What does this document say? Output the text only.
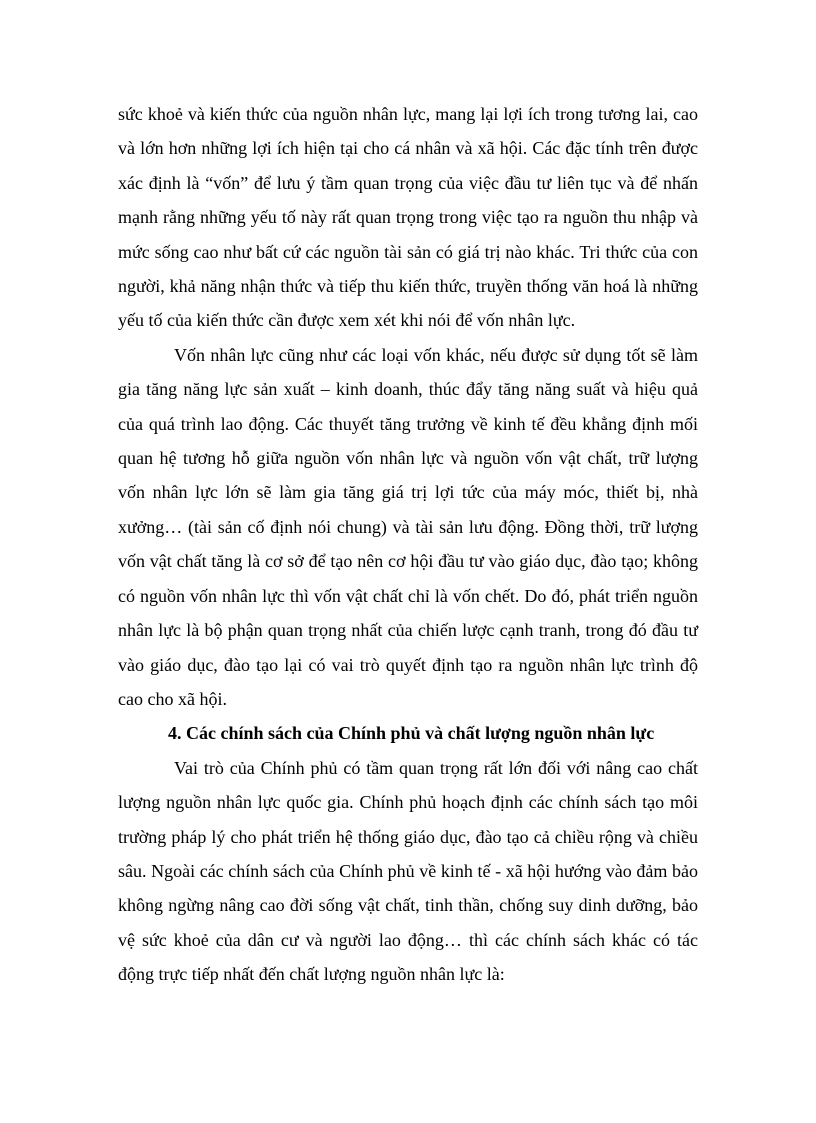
sức khoẻ và kiến thức của nguồn nhân lực, mang lại lợi ích trong tương lai, cao và lớn hơn những lợi ích hiện tại cho cá nhân và xã hội. Các đặc tính trên được xác định là “vốn” để lưu ý tầm quan trọng của việc đầu tư liên tục và để nhấn mạnh rằng những yếu tố này rất quan trọng trong việc tạo ra nguồn thu nhập và mức sống cao như bất cứ các nguồn tài sản có giá trị nào khác. Tri thức của con người, khả năng nhận thức và tiếp thu kiến thức, truyền thống văn hoá là những yếu tố của kiến thức cần được xem xét khi nói để vốn nhân lực.

Vốn nhân lực cũng như các loại vốn khác, nếu được sử dụng tốt sẽ làm gia tăng năng lực sản xuất – kinh doanh, thúc đẩy tăng năng suất và hiệu quả của quá trình lao động. Các thuyết tăng trưởng về kinh tế đều khẳng định mối quan hệ tương hỗ giữa nguồn vốn nhân lực và nguồn vốn vật chất, trữ lượng vốn nhân lực lớn sẽ làm gia tăng giá trị lợi tức của máy móc, thiết bị, nhà xưởng… (tài sản cố định nói chung) và tài sản lưu động. Đồng thời, trữ lượng vốn vật chất tăng là cơ sở để tạo nên cơ hội đầu tư vào giáo dục, đào tạo; không có nguồn vốn nhân lực thì vốn vật chất chỉ là vốn chết. Do đó, phát triển nguồn nhân lực là bộ phận quan trọng nhất của chiến lược cạnh tranh, trong đó đầu tư vào giáo dục, đào tạo lại có vai trò quyết định tạo ra nguồn nhân lực trình độ cao cho xã hội.

4. Các chính sách của Chính phủ và chất lượng nguồn nhân lực

Vai trò của Chính phủ có tầm quan trọng rất lớn đối với nâng cao chất lượng nguồn nhân lực quốc gia. Chính phủ hoạch định các chính sách tạo môi trường pháp lý cho phát triển hệ thống giáo dục, đào tạo cả chiều rộng và chiều sâu. Ngoài các chính sách của Chính phủ về kinh tế - xã hội hướng vào đảm bảo không ngừng nâng cao đời sống vật chất, tinh thần, chống suy dinh dưỡng, bảo vệ sức khoẻ của dân cư và người lao động… thì các chính sách khác có tác động trực tiếp nhất đến chất lượng nguồn nhân lực là:
